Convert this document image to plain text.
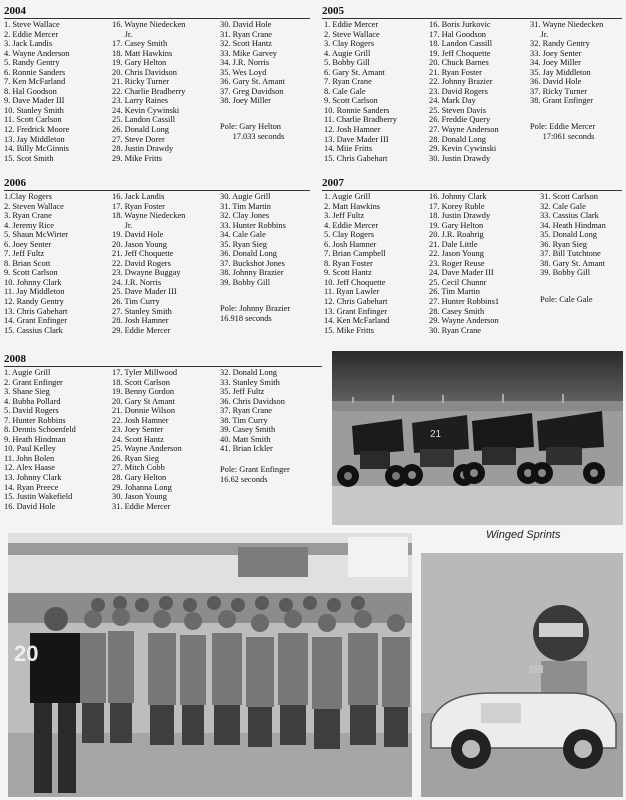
2004
1. Steve Wallace
2. Eddie Mercer
3. Jack Landis
4. Wayne Anderson
5. Randy Gentry
6. Ronnie Sanders
7. Ken McFarland
8. Hal Goodson
9. Dave Mader III
10. Stanley Smith
11. Scott Carlson
12. Fredrick Moore
13. Jay Middleton
14. Billy McGinnis
15. Scot Smith
16. Wayne Niedecken
Jr.
17. Casey Smith
18. Matt Hawkins
19. Gary Helton
20. Chris Davidson
21. Ricky Turner
22. Charlie Bradberry
23. Larry Raines
24. Kevin Cywinski
25. Landon Cassill
26. Donald Long
27. Steve Dorer
28. Justin Drawdy
29. Mike Fritts
30. David Hole
31. Ryan Crane
32. Scott Hantz
33. Mike Garvey
34. J.R. Norris
35. Wes Loyd
36. Gary St. Amant
37. Greg Davidson
38. Joey Miller
Pole: Gary Helton
17.033 seconds
2005
1. Eddie Mercer
2. Steve Wallace
3. Clay Rogers
4. Augie Grill
5. Bobby Gill
6. Gary St. Amant
7. Ryan Crane
8. Cale Gale
9. Scott Carlson
10. Ronnie Sanders
11. Charlie Bradberry
12. Josh Hamner
13. Dave Mader III
14. Miie Fritts
15. Chris Gabehart
16. Boris Jurkovic
17. Hal Goodson
18. Landon Cassill
19. Jeff Choquette
20. Chuck Barnes
21. Ryan Foster
22. Johnny Brazier
23. David Rogers
24. Mark Day
25. Steven Davis
26. Freddie Query
27. Wayne Anderson
28. Donald Long
29. Kevin Cywinski
30. Justin Drawdy
31. Wayne Niedecken
Jr.
32. Randy Gentry
33. Joey Senter
34. Joey Miller
35. Jay Middleton
36. David Hole
37. Ricky Turner
38. Grant Enfinger
Pole: Eddie Mercer
17:061 seconds
2006
1.Clay Rogers
2. Steven Wallace
3. Ryan Crane
4. Jeremy Rice
5. Shaun McWirter
6. Joey Senter
7. Jeff Fultz
8. Brian Scott
9. Scott Carlson
10. Johnny Clark
11. Jay Middleton
12. Randy Gentry
13. Chris Gabehart
14. Grant Enfinger
15. Cassius Clark
16. Jack Landis
17. Ryan Foster
18. Wayne Niedecken
Jr.
19. David Hole
20. Jason Young
21. Jeff Choquette
22. David Rogers
23. Dwayne Buggay
24. J.R. Norris
25. Dave Mader III
26. Tim Curry
27. Stanley Smith
28. Josh Hamner
29. Eddie Mercer
30. Augie Grill
31. Tim Martin
32. Clay Jones
33. Hunter Robbins
34. Cale Gale
35. Ryan Sieg
36. Donald Long
37. Buckshot Jones
38. Johnny Brazier
39. Bobby Gill
Pole: Johnny Brazier
16.918 seconds
2007
1. Augie Grill
2. Matt Hawkins
3. Jeff Fultz
4. Eddie Mercer
5. Clay Rogers
6. Josh Hamner
7. Brian Campbell
8. Ryan Foster
9. Scott Hantz
10. Jeff Choquette
11. Ryan Lawler
12. Chris Gabehart
13. Grant Enfinger
14. Ken McFarland
15. Mike Fritts
16. Johnny Clark
17. Korey Ruble
18. Justin Drawdy
19. Gary Helton
20. J.R. Roahrig
21. Dale Little
22. Jason Young
23. Roger Reuse
24. Dave Mader III
25. Cecil Chunnr
26. Tim Martin
27. Hunter Robbins1
28. Casey Smith
29. Wayne Anderson
30. Ryan Crane
31. Scott Carlson
32. Cale Gale
33. Cassius Clark
34. Heath Hindman
35. Donald Long
36. Ryan Sieg
37. Bill Tutchtone
38. Gary St. Amant
39. Bobby Gill
Pole: Cale Gale
2008
1. Augie Grill
2. Grant Enfinger
3. Shane Sieg
4. Bubba Pollard
5. David Rogers
7. Hunter Robbins
8. Dennis Schoenfeld
9. Heath Hindman
10. Paul Kelley
11. John Bolen
12. Alex Haase
13. Johnny Clark
14. Ryan Preece
15. Justin Wakefield
16. David Hole
17. Tyler Millwood
18. Scott Carlson
19. Benny Gordon
20. Gary St Amant
21. Donnie Wilson
22. Josh Hamner
23. Joey Senter
24. Scott Hantz
25. Wayne Anderson
26. Ryan Sieg
27. Mitch Cobb
28. Gary Helton
29. Johanna Long
30. Jason Young
31. Eddie Mercer
32. Donald Long
33. Stanley Smith
35. Jeff Fultz
36. Chris Davidson
37. Ryan Crane
38. Tim Curry
39. Casey Smith
40. Matt Smith
41. Brian Ickler
Pole: Grant Enfinger
16.62 seconds
21
Winged Sprints
20
